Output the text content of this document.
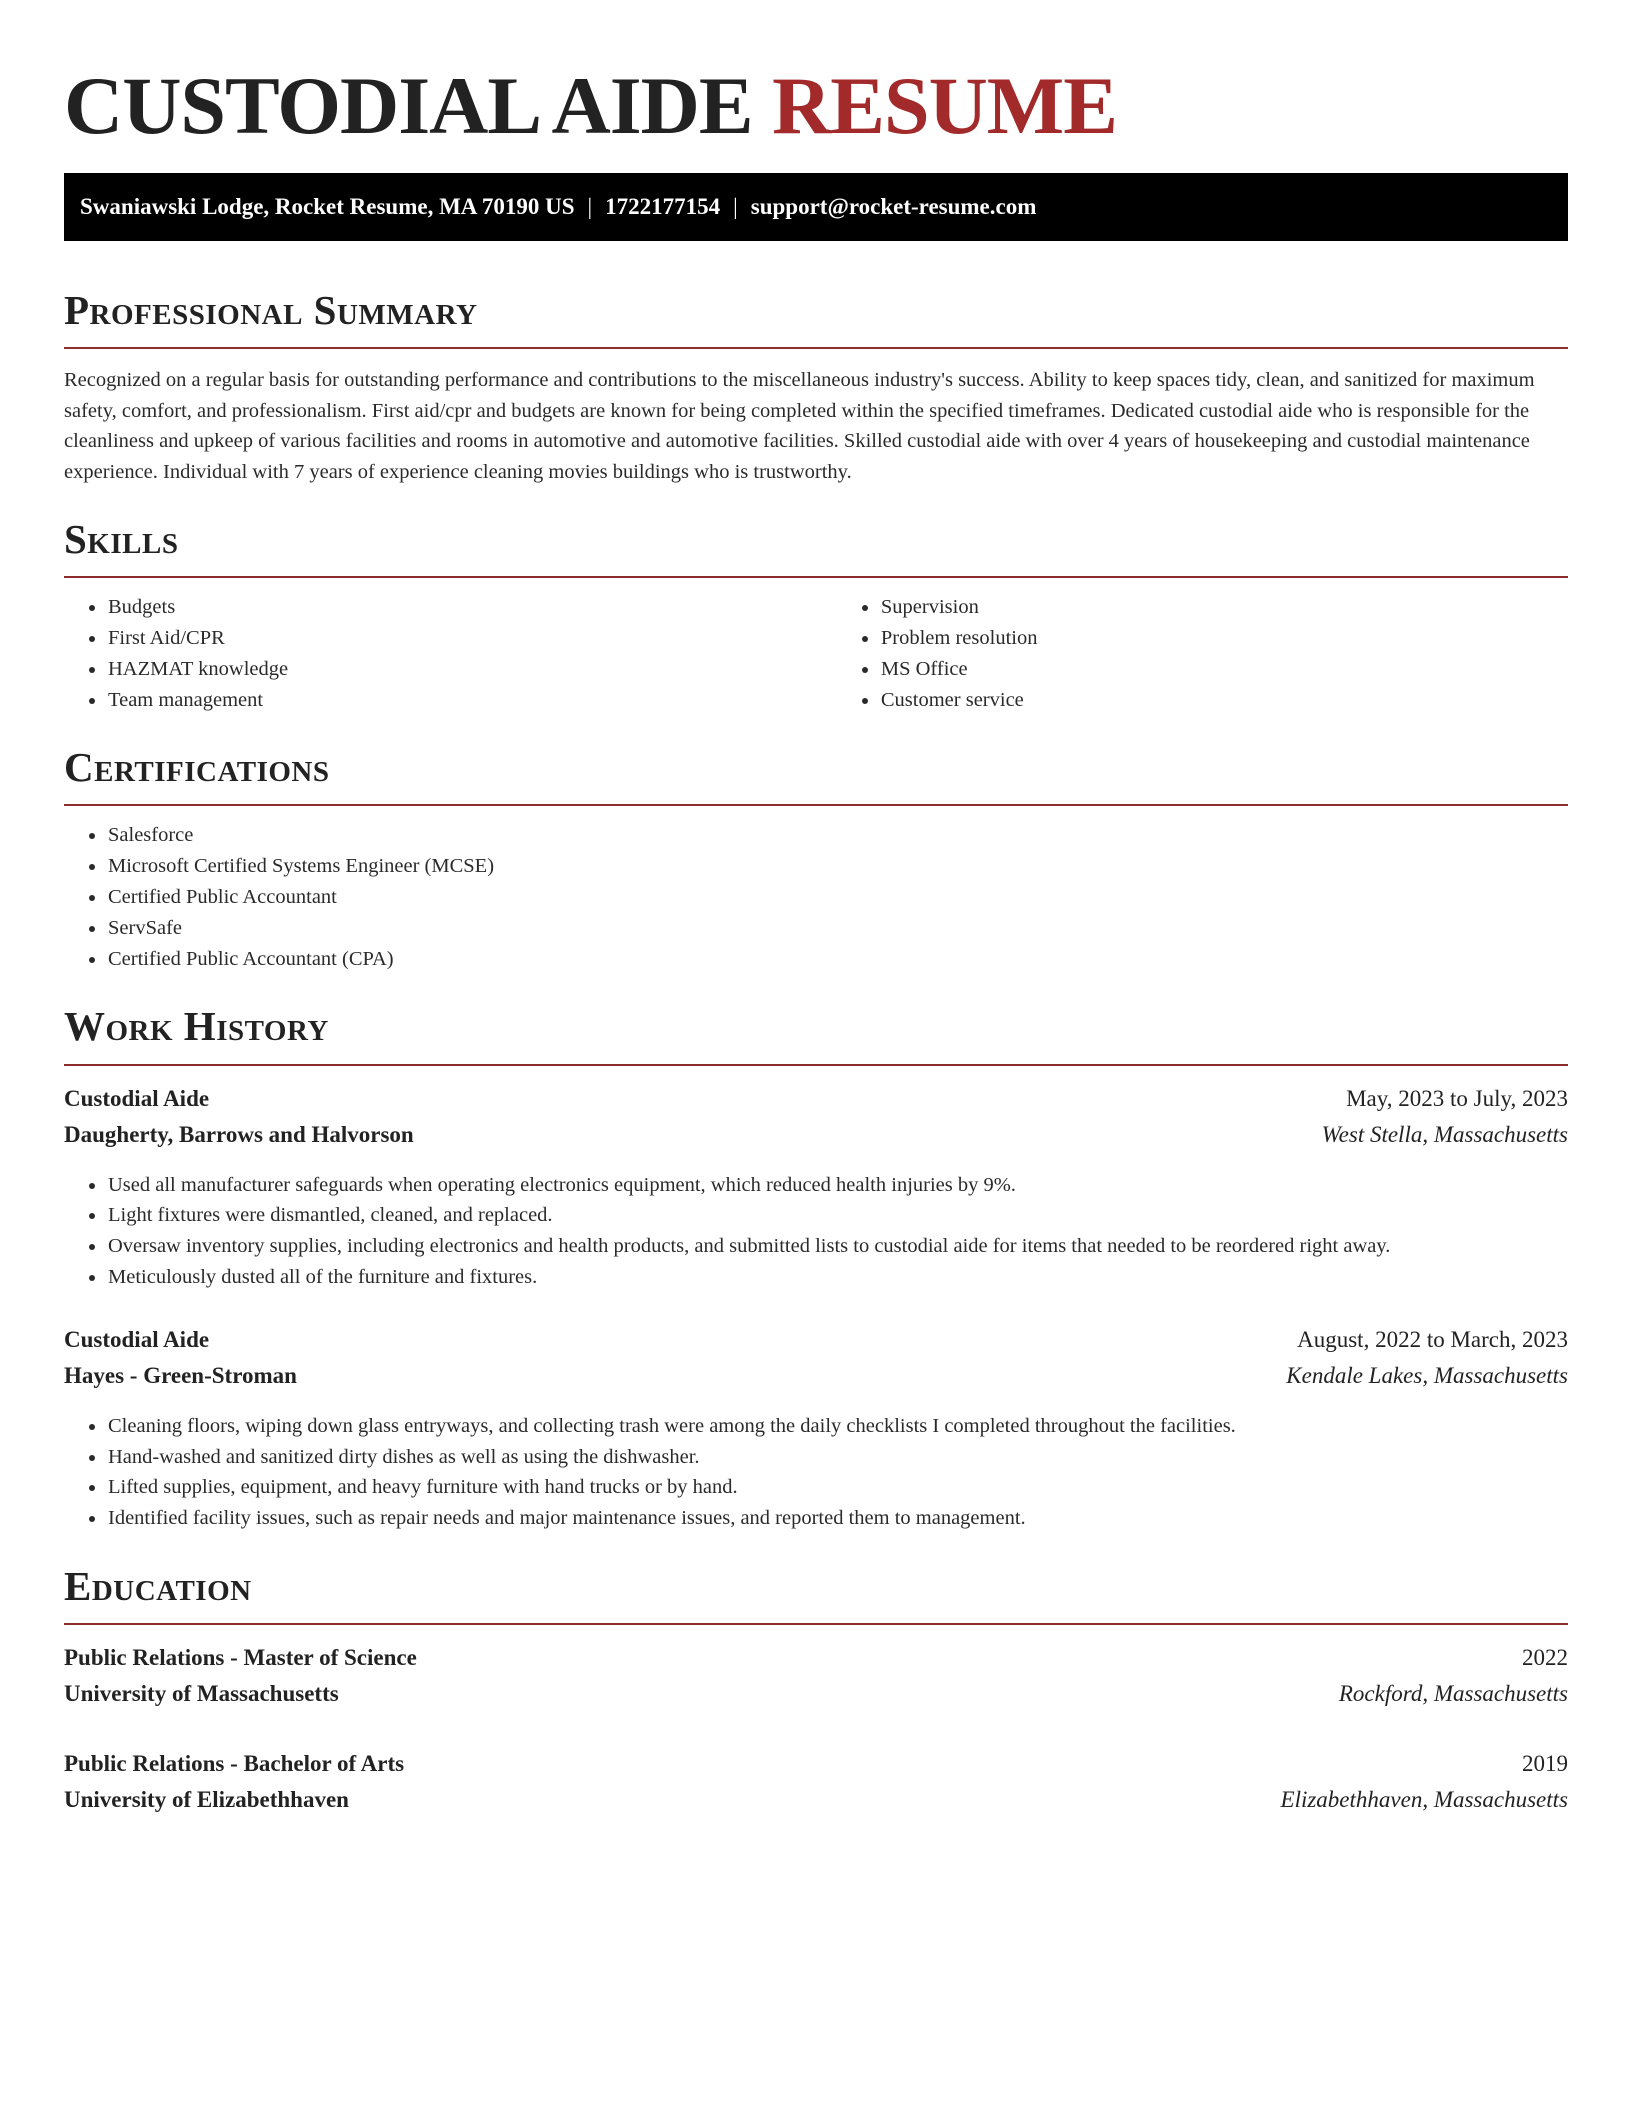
CUSTODIAL AIDE RESUME
Swaniawski Lodge, Rocket Resume, MA 70190 US | 1722177154 | support@rocket-resume.com
Professional Summary

Recognized on a regular basis for outstanding performance and contributions to the miscellaneous industry's success. Ability to keep spaces tidy, clean, and sanitized for maximum safety, comfort, and professionalism. First aid/cpr and budgets are known for being completed within the specified timeframes. Dedicated custodial aide who is responsible for the cleanliness and upkeep of various facilities and rooms in automotive and automotive facilities. Skilled custodial aide with over 4 years of housekeeping and custodial maintenance experience. Individual with 7 years of experience cleaning movies buildings who is trustworthy.

Skills
• Budgets
• First Aid/CPR
• HAZMAT knowledge
• Team management
• Supervision
• Problem resolution
• MS Office
• Customer service
Certifications
• Salesforce
• Microsoft Certified Systems Engineer (MCSE)
• Certified Public Accountant
• ServSafe
• Certified Public Accountant (CPA)
Work History
Custodial Aide	May, 2023 to July, 2023
Daugherty, Barrows and Halvorson	West Stella, Massachusetts
• Used all manufacturer safeguards when operating electronics equipment, which reduced health injuries by 9%.
• Light fixtures were dismantled, cleaned, and replaced.
• Oversaw inventory supplies, including electronics and health products, and submitted lists to custodial aide for items that needed to be reordered right away.
• Meticulously dusted all of the furniture and fixtures.
Custodial Aide	August, 2022 to March, 2023
Hayes - Green-Stroman	Kendale Lakes, Massachusetts
• Cleaning floors, wiping down glass entryways, and collecting trash were among the daily checklists I completed throughout the facilities.
• Hand-washed and sanitized dirty dishes as well as using the dishwasher.
• Lifted supplies, equipment, and heavy furniture with hand trucks or by hand.
• Identified facility issues, such as repair needs and major maintenance issues, and reported them to management.
Education
Public Relations - Master of Science	2022
University of Massachusetts	Rockford, Massachusetts
Public Relations - Bachelor of Arts	2019
University of Elizabethhaven	Elizabethhaven, Massachusetts
